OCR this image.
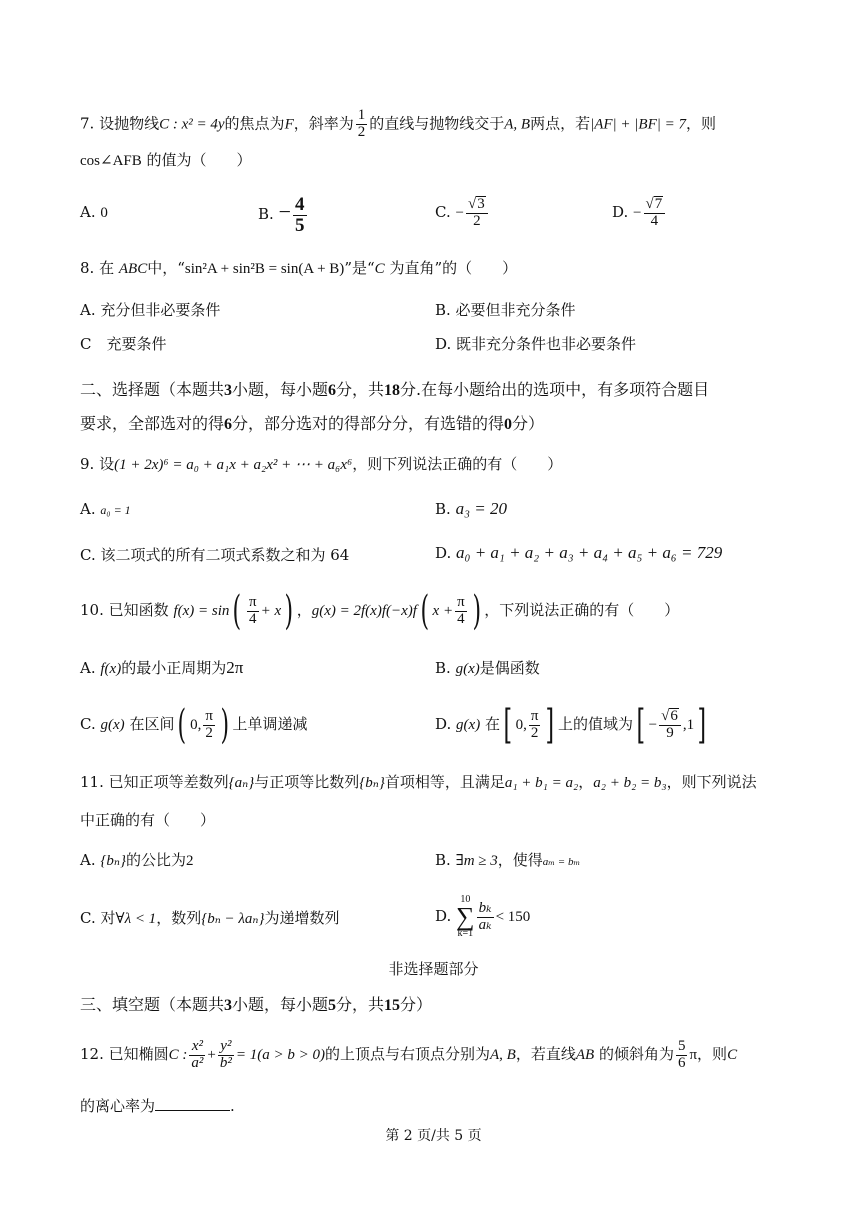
7. 设抛物线C : x² = 4y的焦点为F，斜率为 $\frac{1}{2}$ 的直线与抛物线交于A, B两点，若|AF| + |BF| = 7，则
cos∠AFB 的值为（　　）
A. 0	B. − $\frac{4}{5}$	C. − $\frac{√3}{2}$	D. − $\frac{√7}{4}$
8. 在 ABC中，“sin²A + sin²B = sin(A + B)”是“C 为直角”的（　　）
A. 充分但非必要条件	B. 必要但非充分条件
C　充要条件	D. 既非充分条件也非必要条件
二、选择题（本题共3小题，每小题6分，共18分.在每小题给出的选项中，有多项符合题目
要求，全部选对的得6分，部分选对的得部分分，有选错的得0分）
9. 设(1 + 2x)⁶ = a₀ + a₁x + a₂x² + ⋯ + a₆x⁶，则下列说法正确的有（　　）
A. a₀ = 1	B. a₃ = 20
C. 该二项式的所有二项式系数之和为 64	D. a₀ + a₁ + a₂ + a₃ + a₄ + a₅ + a₆ = 729
10. 已知函数 $f(x) = \sin( \frac{\pi}{4} + x)$ ，g(x) = 2f(x)f(−x)f( $x + \frac{\pi}{4}$ ) ，下列说法正确的有（　　）
A. f(x)的最小正周期为2π	B. g(x)是偶函数
C. g(x) 在区间( 0, $\frac{\pi}{2}$ ) 上单调递减	D. g(x) 在[ 0, $\frac{\pi}{2}$ ] 上的值域为[ − $\frac{√6}{9} ,1$]
11. 已知正项等差数列{aₙ}与正项等比数列{bₙ}首项相等，且满足a₁ + b₁ = a₂，a₂ + b₂ = b₃，则下列说法
中正确的有（　　）
A. {bₙ}的公比为2	B. ∃m ≥ 3，使得aₘ = bₘ
C. 对∀λ < 1，数列{bₙ − λaₙ}为递增数列	D. 10
∑
k=1
$\frac{\text{bₖ}}{\text{aₖ}} < 150$
非选择题部分
三、填空题（本题共3小题，每小题5分，共15分）
12. 已知椭圆C : $\frac{\text{x²}}{\text{a²}} + \frac{\text{y²}}{\text{b²}} = 1(a > b > 0)$的上顶点与右顶点分别为A, B，若直线AB 的倾斜角为 $\frac{5}{6}$ π，则C
的离心率为	.
第 2 页/共 5 页
